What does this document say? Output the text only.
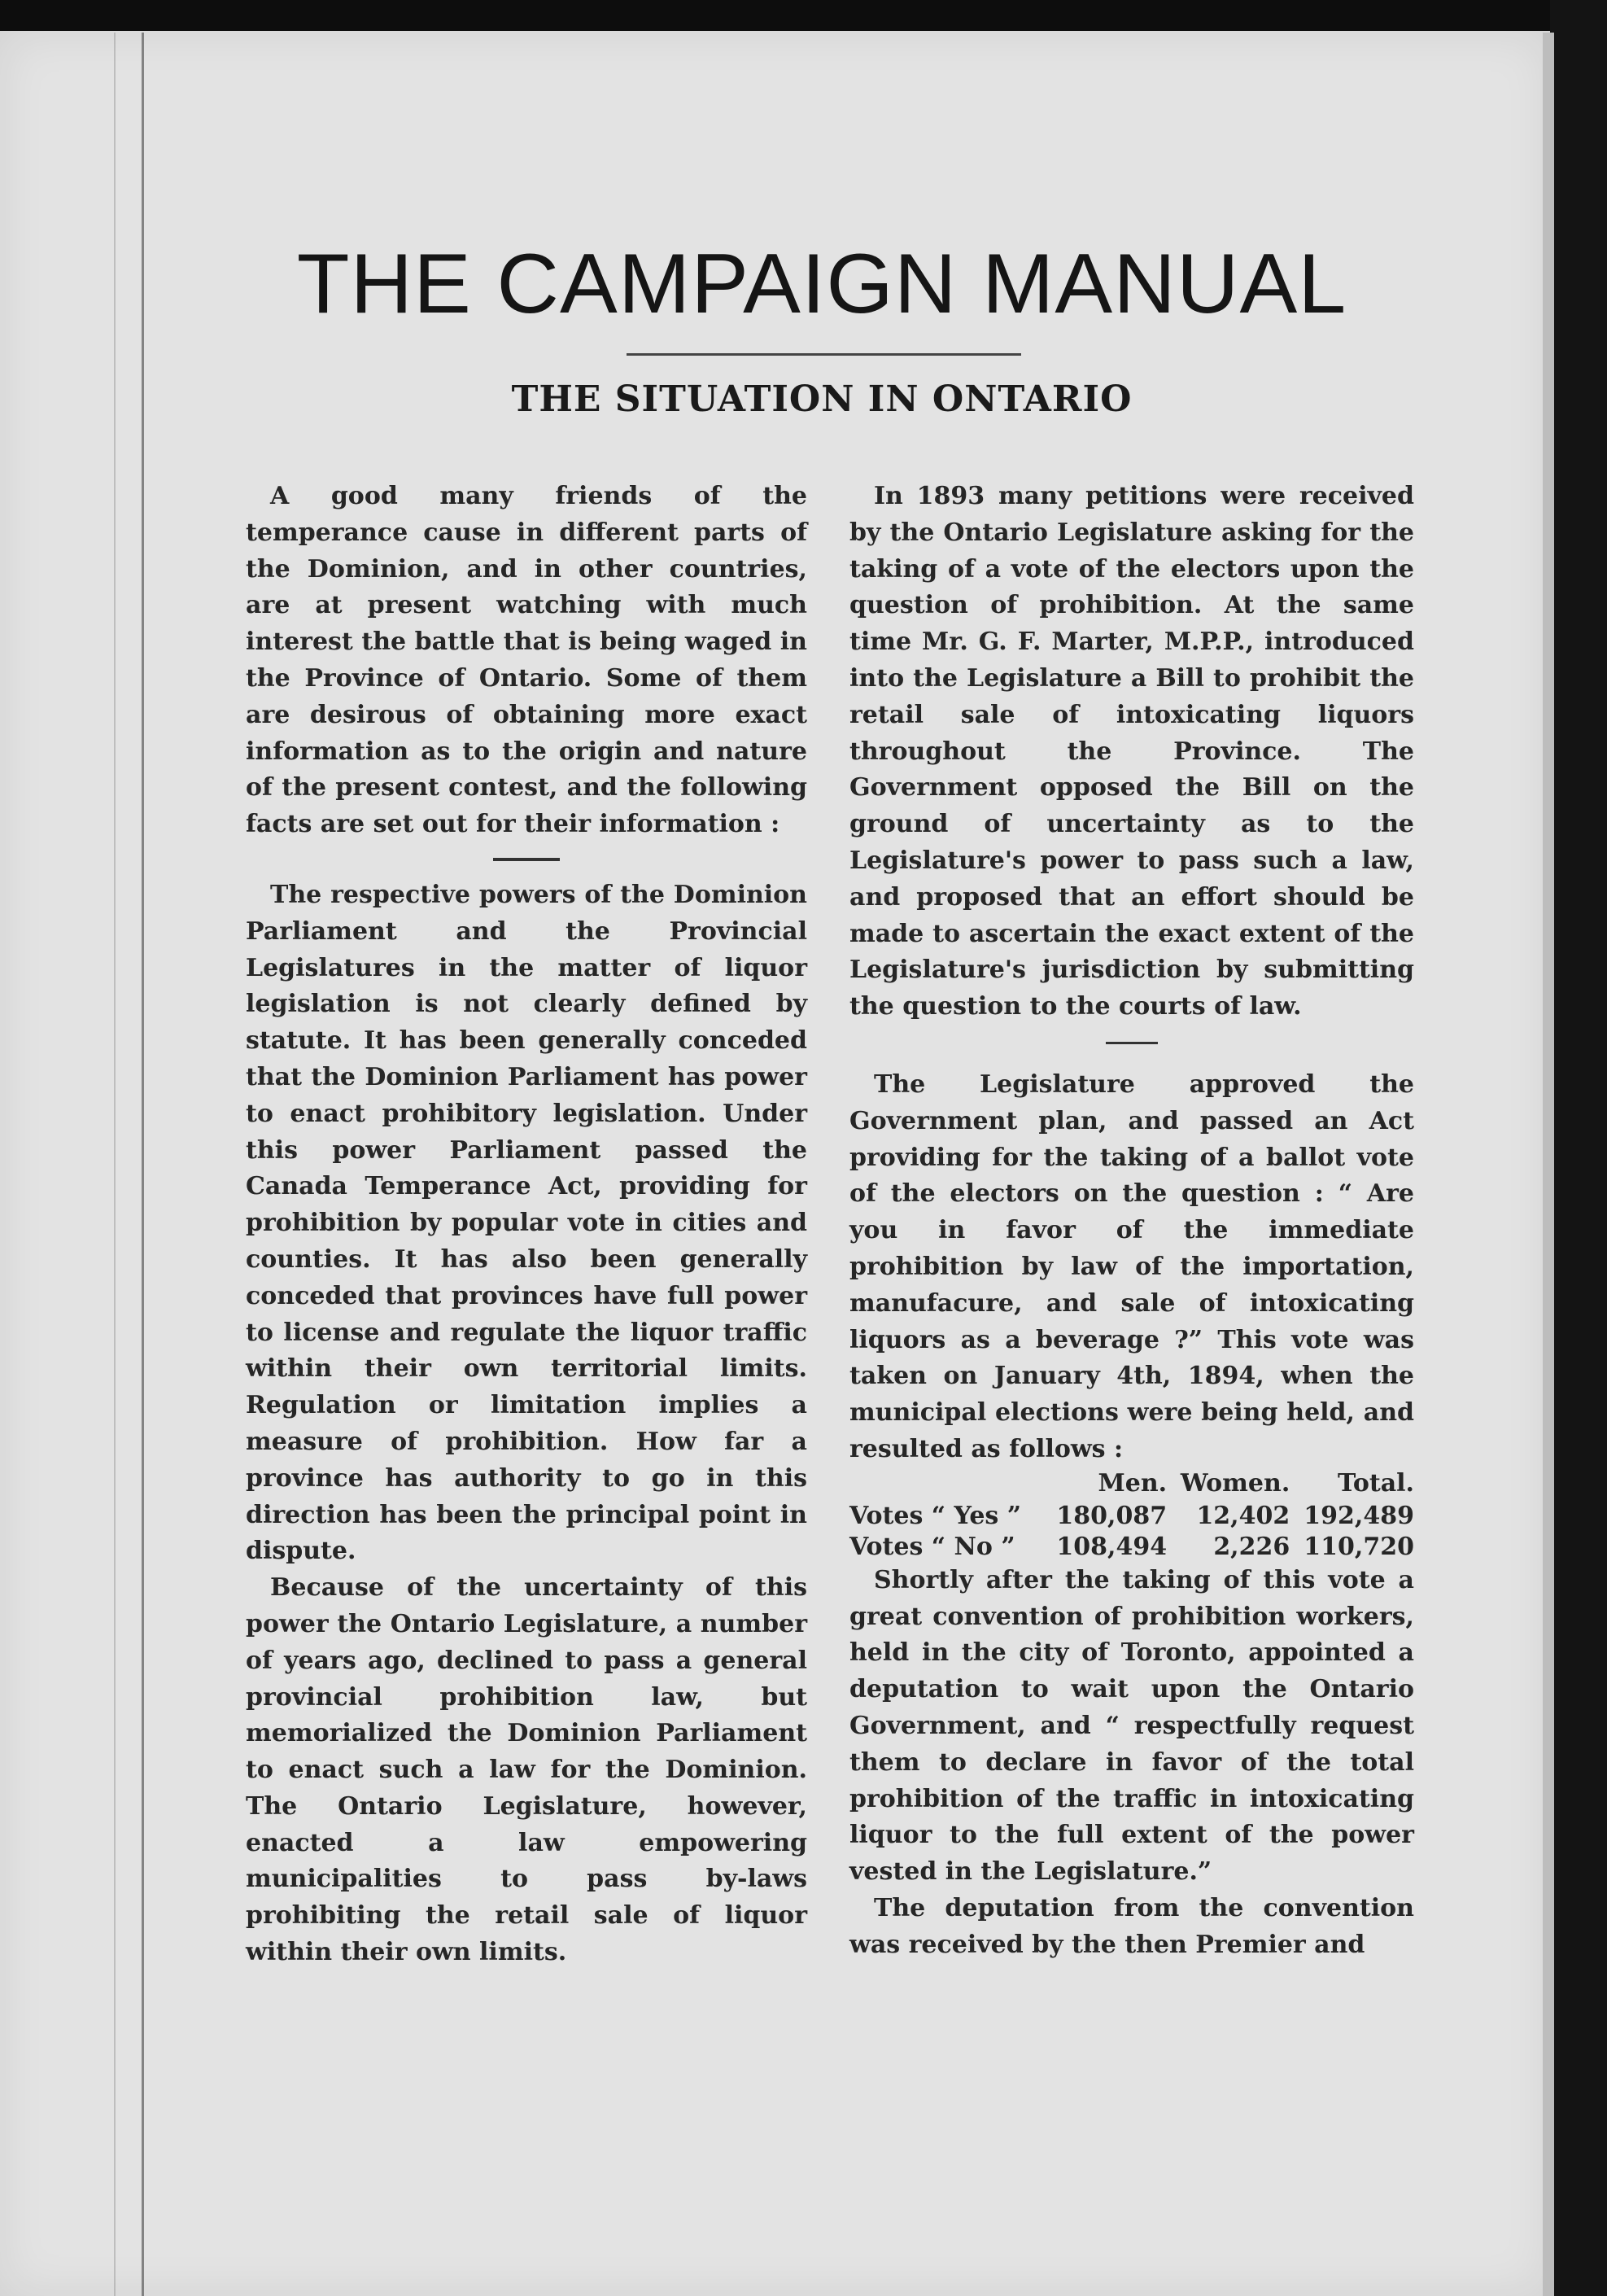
THE CAMPAIGN MANUAL
THE SITUATION IN ONTARIO

A good many friends of the temperance cause in different parts of the Dominion, and in other countries, are at present watching with much interest the battle that is being waged in the Province of Ontario. Some of them are desirous of obtaining more exact information as to the origin and nature of the present contest, and the following facts are set out for their information :

The respective powers of the Dominion Parliament and the Provincial Legislatures in the matter of liquor legislation is not clearly defined by statute. It has been generally conceded that the Dominion Parliament has power to enact prohibitory legislation. Under this power Parliament passed the Canada Temperance Act, providing for prohibition by popular vote in cities and counties. It has also been generally conceded that provinces have full power to license and regulate the liquor traffic within their own territorial limits. Regulation or limitation implies a measure of prohibition. How far a province has authority to go in this direction has been the principal point in dispute.

Because of the uncertainty of this power the Ontario Legislature, a number of years ago, declined to pass a general provincial prohibition law, but memorialized the Dominion Parliament to enact such a law for the Dominion. The Ontario Legislature, however, enacted a law empowering municipalities to pass by-laws prohibiting the retail sale of liquor within their own limits.

In 1893 many petitions were received by the Ontario Legislature asking for the taking of a vote of the electors upon the question of prohibition. At the same time Mr. G. F. Marter, M.P.P., introduced into the Legislature a Bill to prohibit the retail sale of intoxicating liquors throughout the Province. The Government opposed the Bill on the ground of uncertainty as to the Legislature's power to pass such a law, and proposed that an effort should be made to ascertain the exact extent of the Legislature's jurisdiction by submitting the question to the courts of law.

The Legislature approved the Government plan, and passed an Act providing for the taking of a ballot vote of the electors on the question : “ Are you in favor of the immediate prohibition by law of the importation, manufacure, and sale of intoxicating liquors as a beverage ?” This vote was taken on January 4th, 1894, when the municipal elections were being held, and resulted as follows :

	Men.	Women.	Total.
Votes “ Yes ”	180,087	12,402	192,489
Votes “ No ”	108,494	2,226	110,720

Shortly after the taking of this vote a great convention of prohibition workers, held in the city of Toronto, appointed a deputation to wait upon the Ontario Government, and “ respectfully request them to declare in favor of the total prohibition of the traffic in intoxicating liquor to the full extent of the power vested in the Legislature.”

The deputation from the convention was received by the then Premier and
